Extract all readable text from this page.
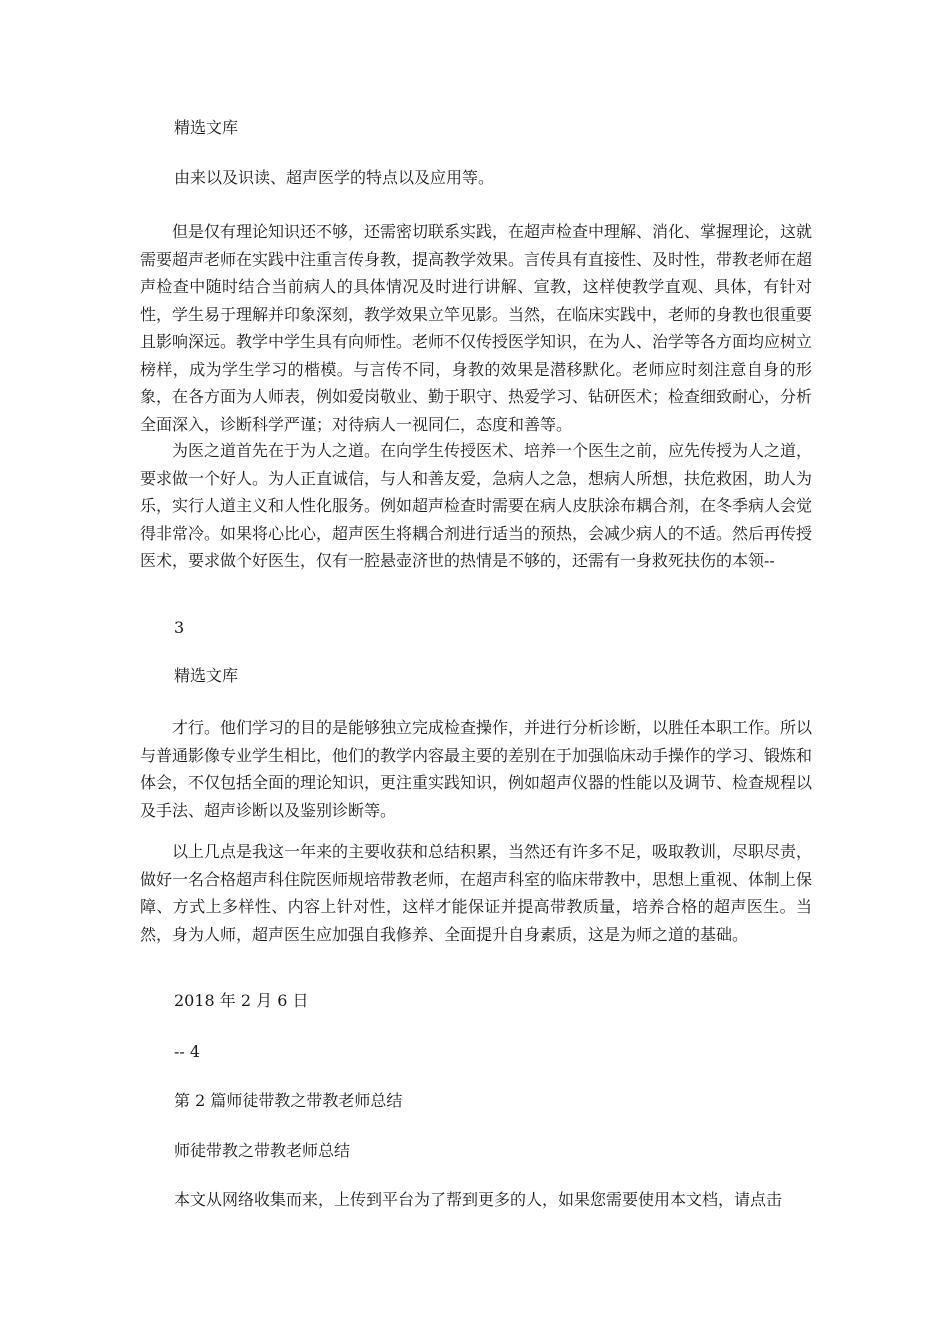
精选文库

由来以及识读、超声医学的特点以及应用等。

但是仅有理论知识还不够，还需密切联系实践，在超声检查中理解、消化、掌握理论，这就需要超声老师在实践中注重言传身教，提高教学效果。言传具有直接性、及时性，带教老师在超声检查中随时结合当前病人的具体情况及时进行讲解、宣教，这样使教学直观、具体，有针对性，学生易于理解并印象深刻，教学效果立竿见影。当然，在临床实践中，老师的身教也很重要且影响深远。教学中学生具有向师性。老师不仅传授医学知识，在为人、治学等各方面均应树立榜样，成为学生学习的楷模。与言传不同，身教的效果是潜移默化。老师应时刻注意自身的形象，在各方面为人师表，例如爱岗敬业、勤于职守、热爱学习、钻研医术；检查细致耐心，分析全面深入，诊断科学严谨；对待病人一视同仁，态度和善等。

为医之道首先在于为人之道。在向学生传授医术、培养一个医生之前，应先传授为人之道，要求做一个好人。为人正直诚信，与人和善友爱，急病人之急，想病人所想，扶危救困，助人为乐，实行人道主义和人性化服务。例如超声检查时需要在病人皮肤涂布耦合剂，在冬季病人会觉得非常冷。如果将心比心，超声医生将耦合剂进行适当的预热，会减少病人的不适。然后再传授医术，要求做个好医生，仅有一腔悬壶济世的热情是不够的，还需有一身救死扶伤的本领--

3

精选文库

才行。他们学习的目的是能够独立完成检查操作，并进行分析诊断，以胜任本职工作。所以与普通影像专业学生相比，他们的教学内容最主要的差别在于加强临床动手操作的学习、锻炼和体会，不仅包括全面的理论知识，更注重实践知识，例如超声仪器的性能以及调节、检查规程以及手法、超声诊断以及鉴别诊断等。

以上几点是我这一年来的主要收获和总结积累，当然还有许多不足，吸取教训，尽职尽责，做好一名合格超声科住院医师规培带教老师，在超声科室的临床带教中，思想上重视、体制上保障、方式上多样性、内容上针对性，这样才能保证并提高带教质量，培养合格的超声医生。当然，身为人师，超声医生应加强自我修养、全面提升自身素质，这是为师之道的基础。

2018 年 2 月 6 日

-- 4

第 2 篇师徒带教之带教老师总结

师徒带教之带教老师总结

本文从网络收集而来，上传到平台为了帮到更多的人，如果您需要使用本文档，请点击
